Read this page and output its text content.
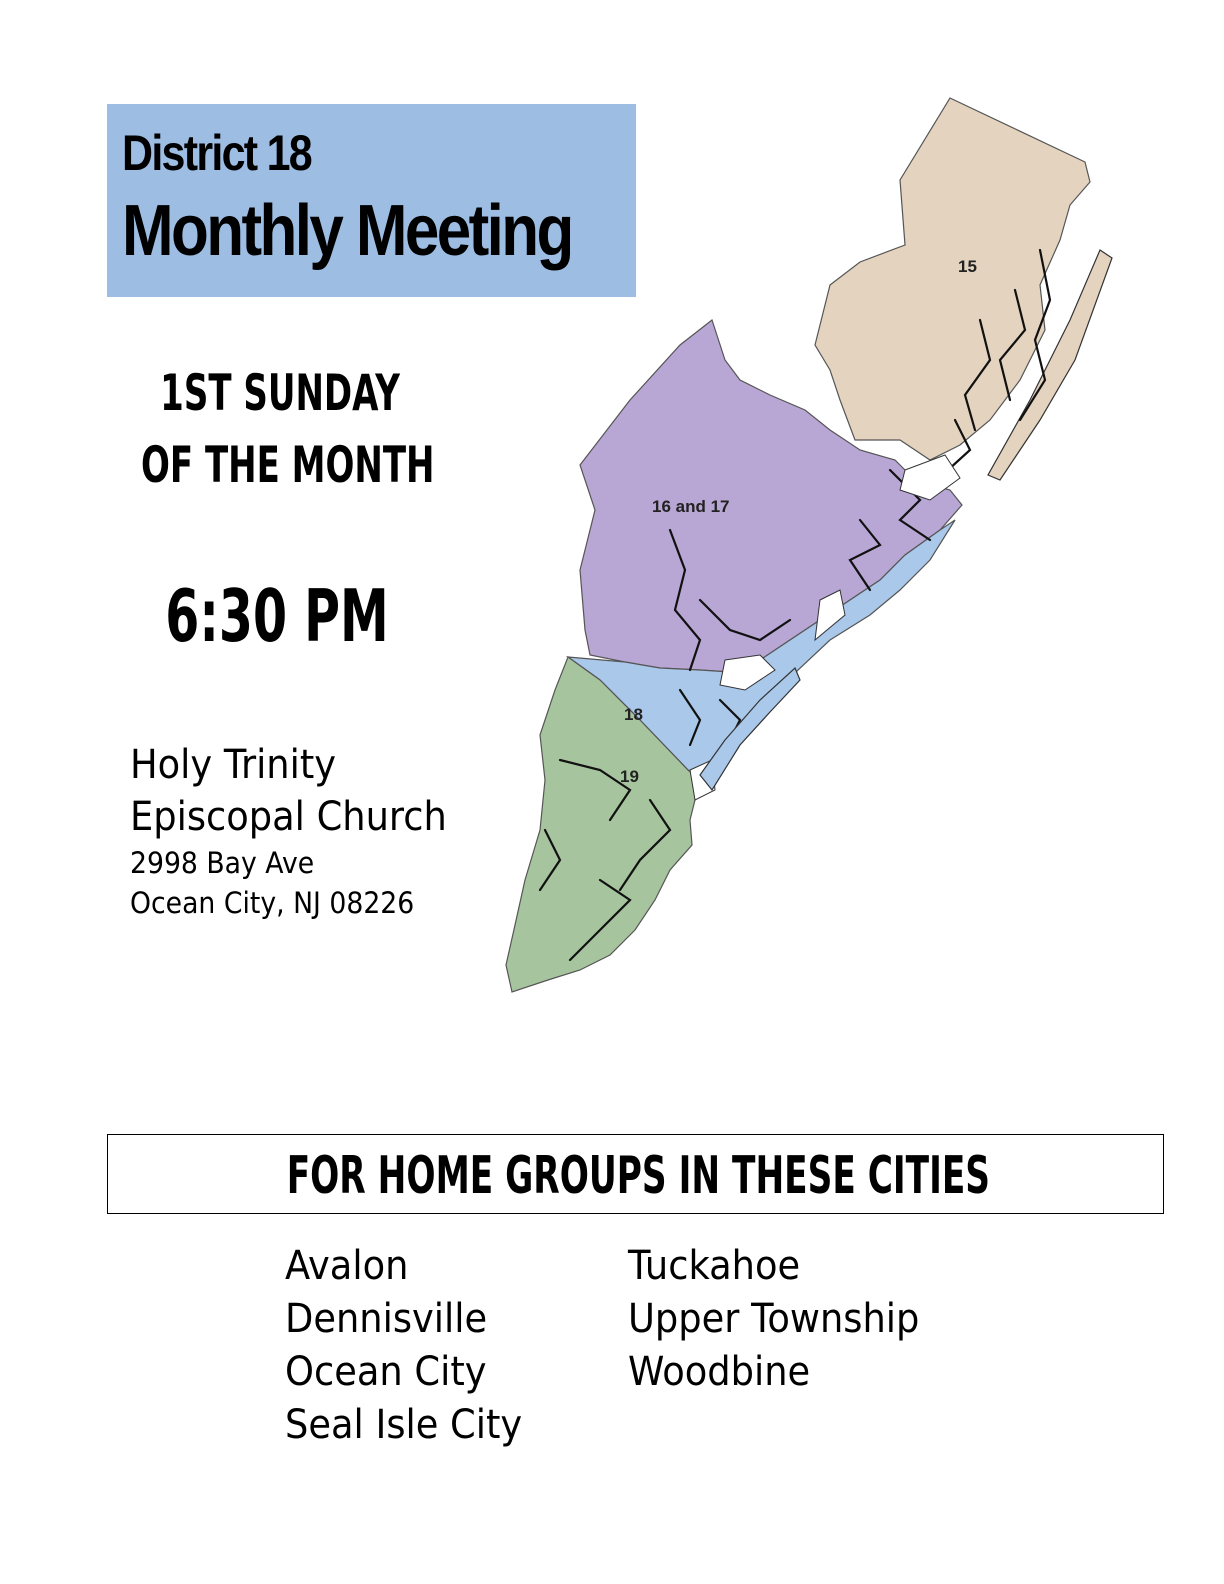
District 18
Monthly Meeting
1ST SUNDAY
OF THE MONTH
6:30 PM
Holy Trinity
Episcopal Church
2998 Bay Ave
Ocean City, NJ 08226
15
16 and 17
18
19
FOR HOME GROUPS IN THESE CITIES
Avalon
Dennisville
Ocean City
Seal Isle City
Tuckahoe
Upper Township
Woodbine
